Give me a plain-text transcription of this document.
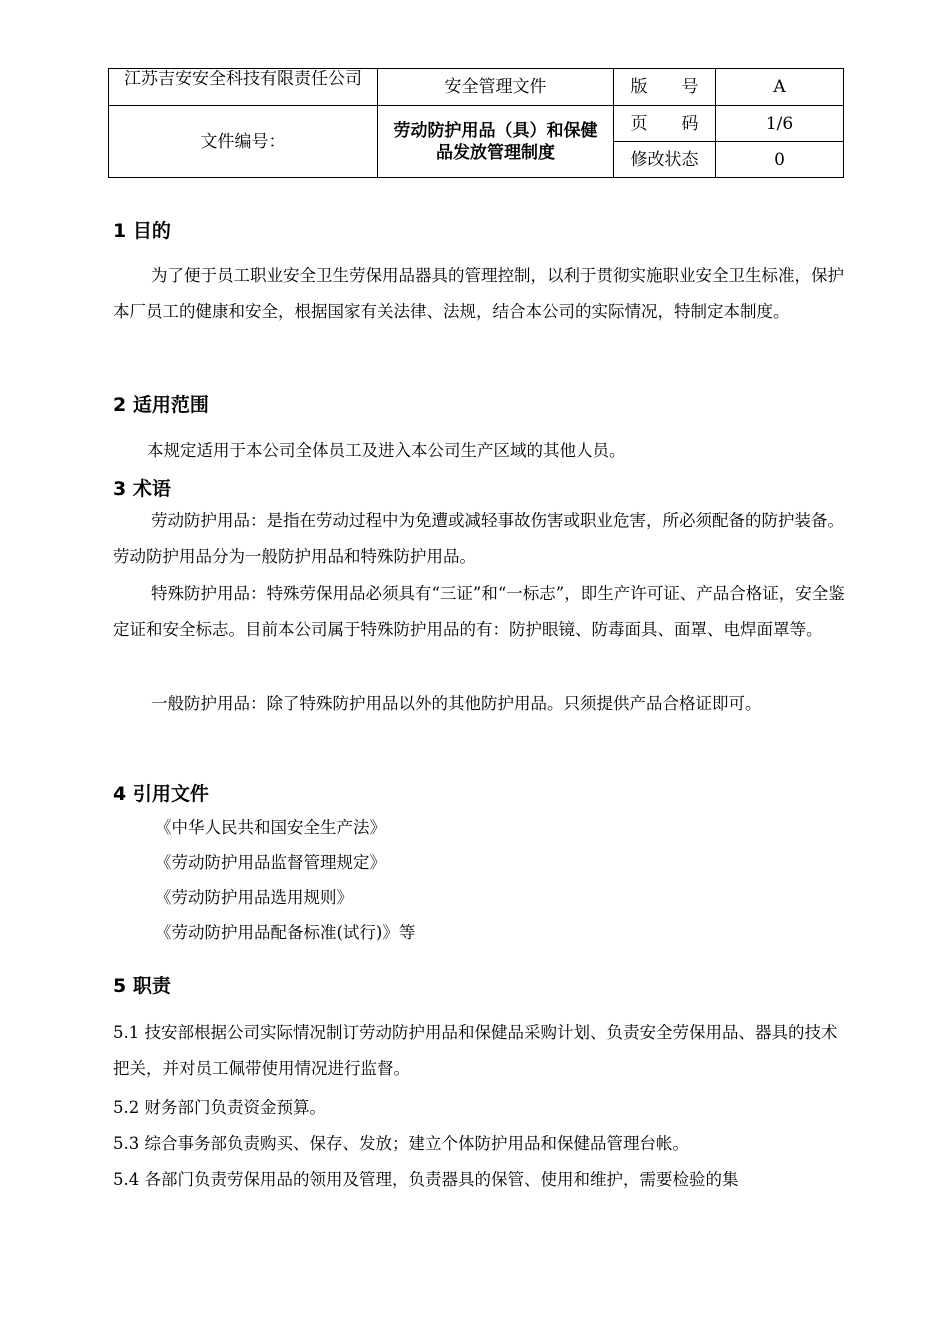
江苏吉安安全科技有限责任公司	安全管理文件	版　　号	A
文件编号：	劳动防护用品（具）和保健品发放管理制度	页　　码	1/6
		修改状态	0
1 目的

为了便于员工职业安全卫生劳保用品器具的管理控制，以利于贯彻实施职业安全卫生标准，保护本厂员工的健康和安全，根据国家有关法律、法规，结合本公司的实际情况，特制定本制度。

2 适用范围

本规定适用于本公司全体员工及进入本公司生产区域的其他人员。

3 术语

劳动防护用品：是指在劳动过程中为免遭或减轻事故伤害或职业危害，所必须配备的防护装备。劳动防护用品分为一般防护用品和特殊防护用品。

特殊防护用品：特殊劳保用品必须具有“三证”和“一标志”，即生产许可证、产品合格证，安全鉴定证和安全标志。目前本公司属于特殊防护用品的有：防护眼镜、防毒面具、面罩、电焊面罩等。

一般防护用品：除了特殊防护用品以外的其他防护用品。只须提供产品合格证即可。

4 引用文件

《中华人民共和国安全生产法》

《劳动防护用品监督管理规定》

《劳动防护用品选用规则》

《劳动防护用品配备标准(试行)》等

5 职责

5.1 技安部根据公司实际情况制订劳动防护用品和保健品采购计划、负责安全劳保用品、器具的技术把关，并对员工佩带使用情况进行监督。

5.2 财务部门负责资金预算。

5.3 综合事务部负责购买、保存、发放；建立个体防护用品和保健品管理台帐。

5.4 各部门负责劳保用品的领用及管理，负责器具的保管、使用和维护，需要检验的集
